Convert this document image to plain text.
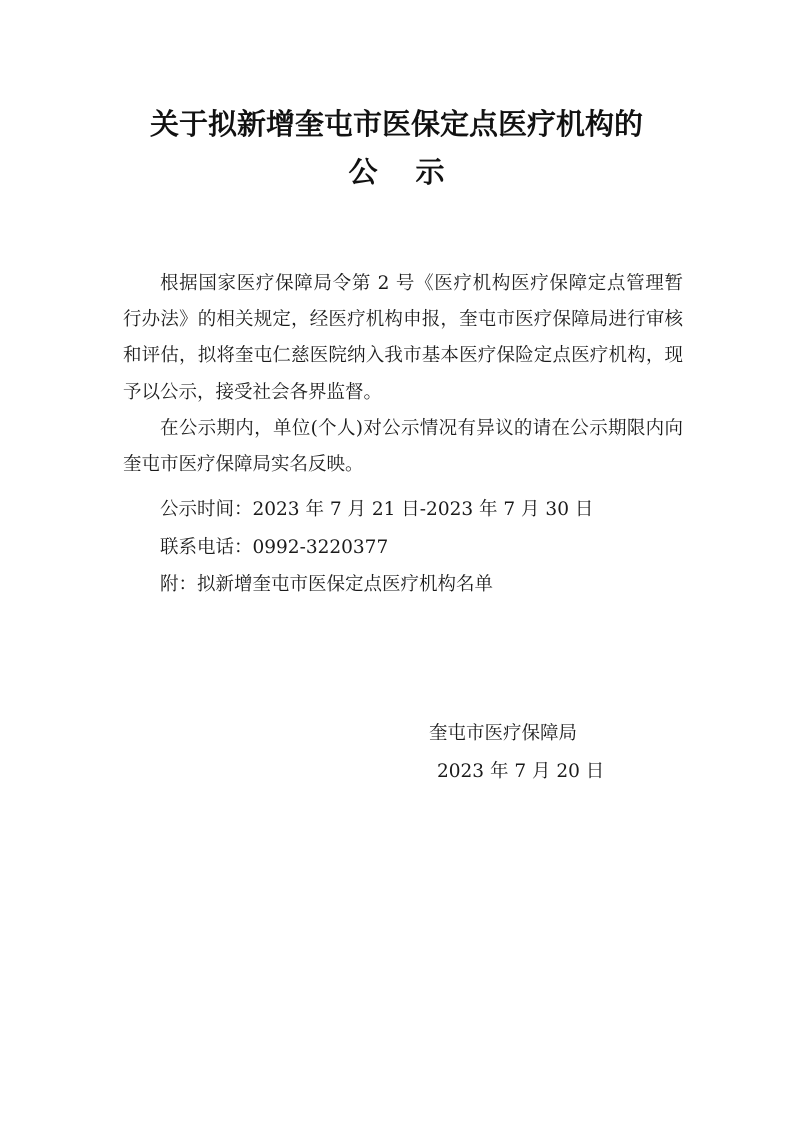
关于拟新增奎屯市医保定点医疗机构的
公 示

根据国家医疗保障局令第 2 号《医疗机构医疗保障定点管理暂行办法》的相关规定，经医疗机构申报，奎屯市医疗保障局进行审核和评估，拟将奎屯仁慈医院纳入我市基本医疗保险定点医疗机构，现予以公示，接受社会各界监督。

在公示期内，单位(个人)对公示情况有异议的请在公示期限内向奎屯市医疗保障局实名反映。

公示时间：2023 年 7 月 21 日-2023 年 7 月 30 日
联系电话：0992-3220377
附：拟新增奎屯市医保定点医疗机构名单
奎屯市医疗保障局
2023 年 7 月 20 日
